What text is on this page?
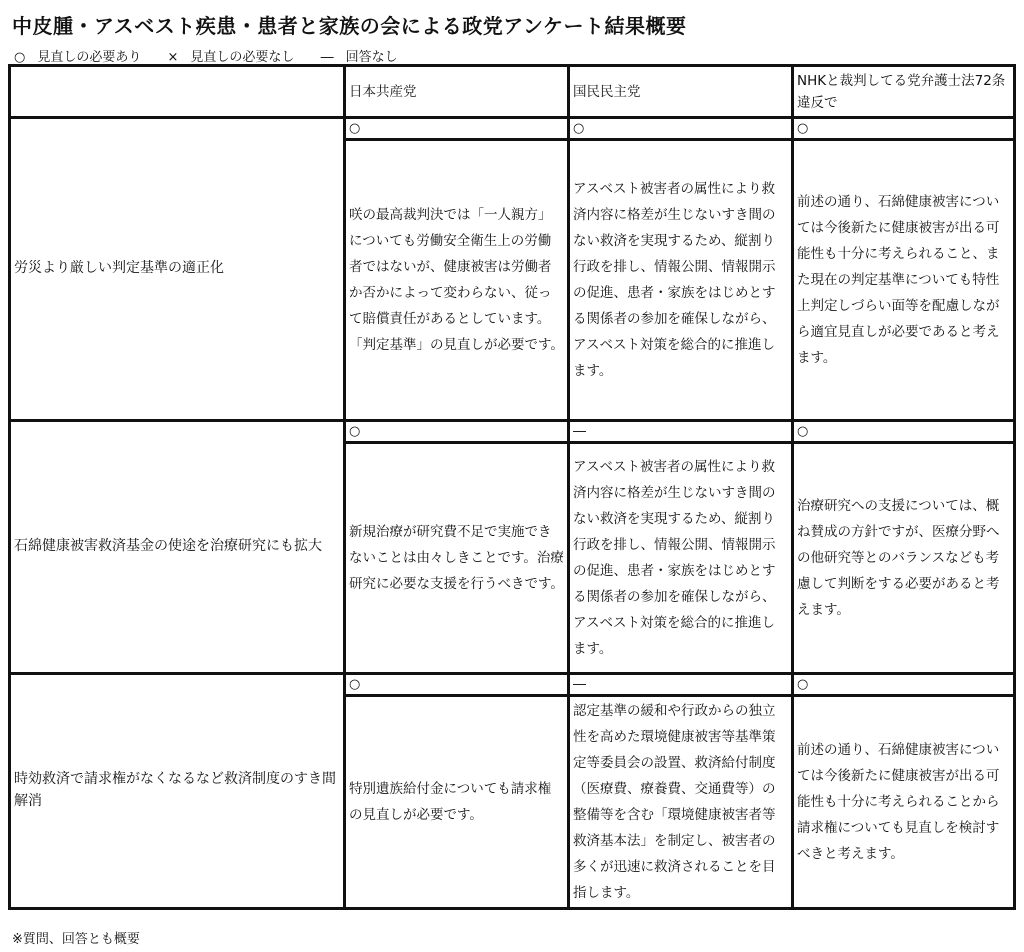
中皮腫・アスベスト疾患・患者と家族の会による政党アンケート結果概要
○ 見直しの必要あり × 見直しの必要なし ― 回答なし
	日本共産党	国民民主党	NHKと裁判してる党弁護士法72条違反で
労災より厳しい判定基準の適正化	○	○	○
	咲の最高裁判決では「一人親方」についても労働安全衛生上の労働者ではないが、健康被害は労働者か否かによって変わらない、従って賠償責任があるとしています。「判定基準」の見直しが必要です。	アスベスト被害者の属性により救済内容に格差が生じないすき間のない救済を実現するため、縦割り行政を排し、情報公開、情報開示の促進、患者・家族をはじめとする関係者の参加を確保しながら、アスベスト対策を総合的に推進します。	前述の通り、石綿健康被害については今後新たに健康被害が出る可能性も十分に考えられること、また現在の判定基準についても特性上判定しづらい面等を配慮しながら適宜見直しが必要であると考えます。
石綿健康被害救済基金の使途を治療研究にも拡大	○	―	○
	新規治療が研究費不足で実施できないことは由々しきことです。治療研究に必要な支援を行うべきです。	アスベスト被害者の属性により救済内容に格差が生じないすき間のない救済を実現するため、縦割り行政を排し、情報公開、情報開示の促進、患者・家族をはじめとする関係者の参加を確保しながら、アスベスト対策を総合的に推進します。	治療研究への支援については、概ね賛成の方針ですが、医療分野への他研究等とのバランスなども考慮して判断をする必要があると考えます。
時効救済で請求権がなくなるなど救済制度のすき間解消	○	―	○
	特別遺族給付金についても請求権の見直しが必要です。	認定基準の緩和や行政からの独立性を高めた環境健康被害等基準策定等委員会の設置、救済給付制度（医療費、療養費、交通費等）の整備等を含む「環境健康被害者等救済基本法」を制定し、被害者の多くが迅速に救済されることを目指します。	前述の通り、石綿健康被害については今後新たに健康被害が出る可能性も十分に考えられることから請求権についても見直しを検討すべきと考えます。
※質問、回答とも概要
